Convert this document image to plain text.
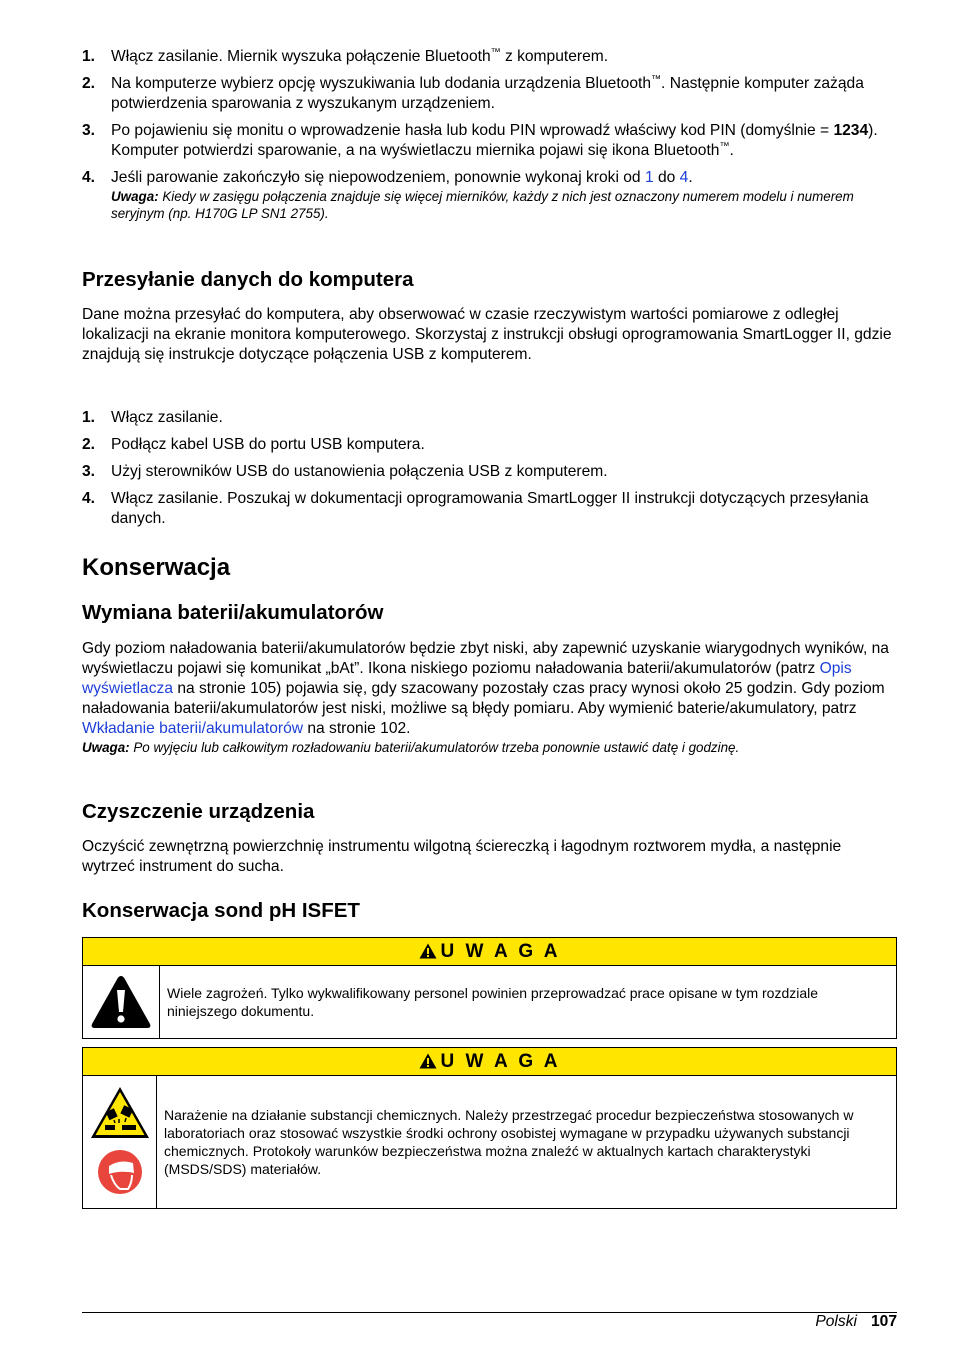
1. Włącz zasilanie. Miernik wyszuka połączenie Bluetooth™ z komputerem.
2. Na komputerze wybierz opcję wyszukiwania lub dodania urządzenia Bluetooth™. Następnie komputer zażąda potwierdzenia sparowania z wyszukanym urządzeniem.
3. Po pojawieniu się monitu o wprowadzenie hasła lub kodu PIN wprowadź właściwy kod PIN (domyślnie = 1234). Komputer potwierdzi sparowanie, a na wyświetlaczu miernika pojawi się ikona Bluetooth™.
4. Jeśli parowanie zakończyło się niepowodzeniem, ponownie wykonaj kroki od 1 do 4.
Uwaga: Kiedy w zasięgu połączenia znajduje się więcej mierników, każdy z nich jest oznaczony numerem modelu i numerem seryjnym (np. H170G LP SN1 2755).
Przesyłanie danych do komputera

Dane można przesyłać do komputera, aby obserwować w czasie rzeczywistym wartości pomiarowe z odległej lokalizacji na ekranie monitora komputerowego. Skorzystaj z instrukcji obsługi oprogramowania SmartLogger II, gdzie znajdują się instrukcje dotyczące połączenia USB z komputerem.

1. Włącz zasilanie.
2. Podłącz kabel USB do portu USB komputera.
3. Użyj sterowników USB do ustanowienia połączenia USB z komputerem.
4. Włącz zasilanie. Poszukaj w dokumentacji oprogramowania SmartLogger II instrukcji dotyczących przesyłania danych.
Konserwacja
Wymiana baterii/akumulatorów
Gdy poziom naładowania baterii/akumulatorów będzie zbyt niski, aby zapewnić uzyskanie wiarygodnych wyników, na wyświetlaczu pojawi się komunikat „bAt”. Ikona niskiego poziomu naładowania baterii/akumulatorów (patrz Opis wyświetlacza na stronie 105) pojawia się, gdy szacowany pozostały czas pracy wynosi około 25 godzin. Gdy poziom naładowania baterii/akumulatorów jest niski, możliwe są błędy pomiaru. Aby wymienić baterie/akumulatory, patrz Wkładanie baterii/akumulatorów na stronie 102.
Uwaga: Po wyjęciu lub całkowitym rozładowaniu baterii/akumulatorów trzeba ponownie ustawić datę i godzinę.
Czyszczenie urządzenia

Oczyścić zewnętrzną powierzchnię instrumentu wilgotną ściereczką i łagodnym roztworem mydła, a następnie wytrzeć instrument do sucha.

Konserwacja sond pH ISFET
U W A G A
Wiele zagrożeń. Tylko wykwalifikowany personel powinien przeprowadzać prace opisane w tym rozdziale niniejszego dokumentu.
U W A G A
Narażenie na działanie substancji chemicznych. Należy przestrzegać procedur bezpieczeństwa stosowanych w laboratoriach oraz stosować wszystkie środki ochrony osobistej wymagane w przypadku używanych substancji chemicznych. Protokoły warunków bezpieczeństwa można znaleźć w aktualnych kartach charakterystyki (MSDS/SDS) materiałów.
Polski 107
